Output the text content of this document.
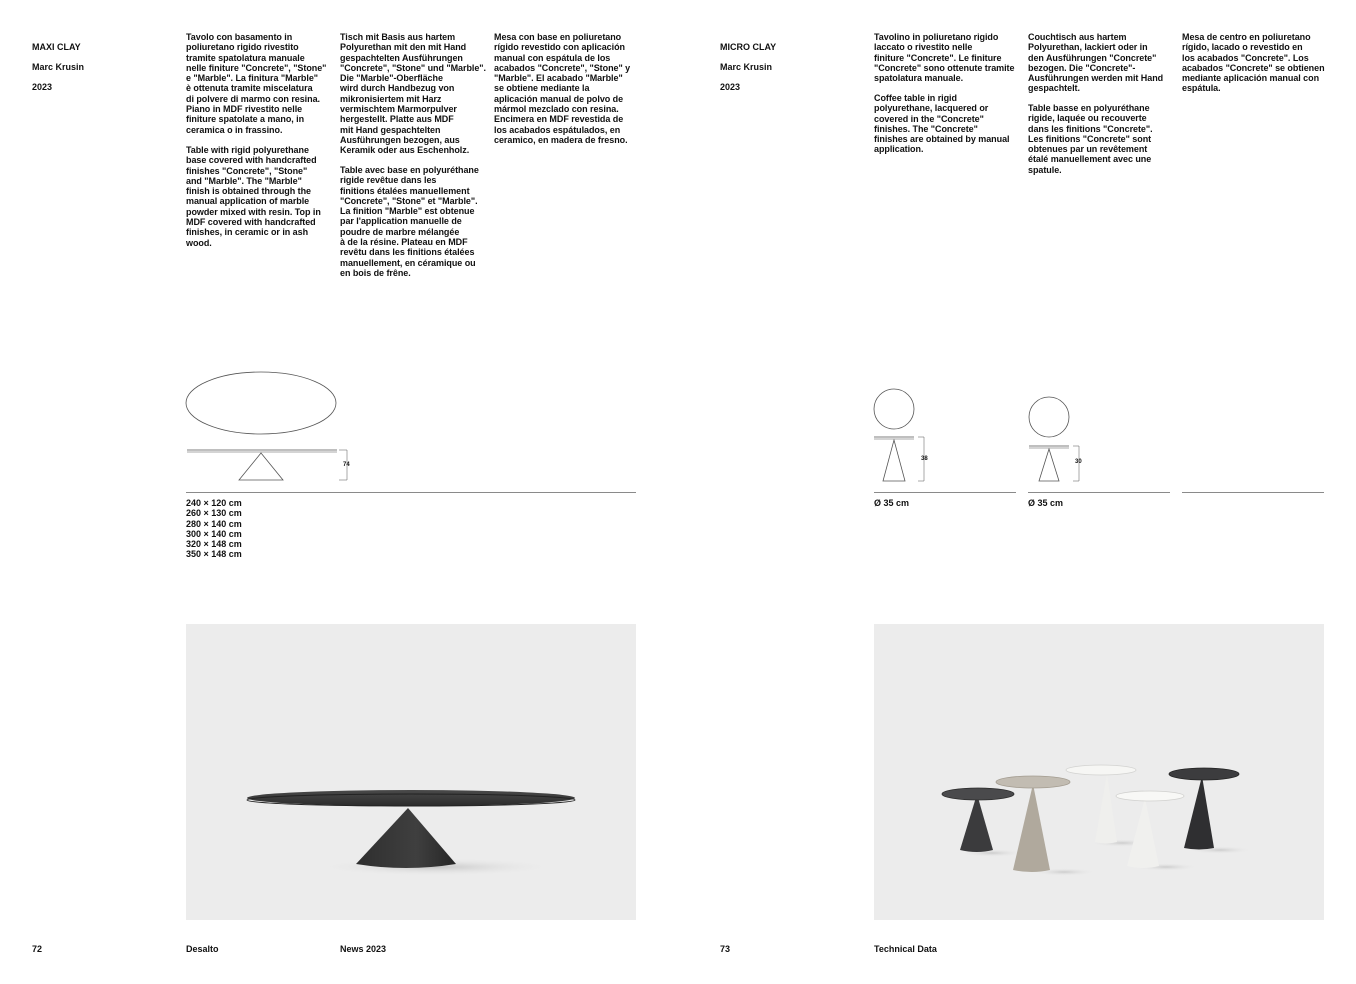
MAXI CLAY

Marc Krusin

2023

Tavolo con basamento in
poliuretano rigido rivestito
tramite spatolatura manuale
nelle finiture "Concrete", "Stone"
e "Marble". La finitura "Marble"
è ottenuta tramite miscelatura
di polvere di marmo con resina.
Piano in MDF rivestito nelle
finiture spatolate a mano, in
ceramica o in frassino.
Table with rigid polyurethane
base covered with handcrafted
finishes "Concrete", "Stone"
and "Marble". The "Marble"
finish is obtained through the
manual application of marble
powder mixed with resin. Top in
MDF covered with handcrafted
finishes, in ceramic or in ash
wood.
Tisch mit Basis aus hartem
Polyurethan mit den mit Hand
gespachtelten Ausführungen
"Concrete", "Stone" und "Marble".
Die "Marble"-Oberfläche
wird durch Handbezug von
mikronisiertem mit Harz
vermischtem Marmorpulver
hergestellt. Platte aus MDF
mit Hand gespachtelten
Ausführungen bezogen, aus
Keramik oder aus Eschenholz.
Table avec base en polyuréthane
rigide revêtue dans les
finitions étalées manuellement
"Concrete", "Stone" et "Marble".
La finition "Marble" est obtenue
par l'application manuelle de
poudre de marbre mélangée
à de la résine. Plateau en MDF
revêtu dans les finitions étalées
manuellement, en céramique ou
en bois de frêne.
Mesa con base en poliuretano
rígido revestido con aplicación
manual con espátula de los
acabados "Concrete", "Stone" y
"Marble". El acabado "Marble"
se obtiene mediante la
aplicación manual de polvo de
mármol mezclado con resina.
Encimera en MDF revestida de
los acabados espátulados, en
ceramico, en madera de fresno.
74
240 × 120 cm
260 × 130 cm
280 × 140 cm
300 × 140 cm
320 × 148 cm
350 × 148 cm
72	Desalto	News 2023

MICRO CLAY

Marc Krusin

2023

Tavolino in poliuretano rigido
laccato o rivestito nelle
finiture "Concrete". Le finiture
"Concrete" sono ottenute tramite
spatolatura manuale.
Coffee table in rigid
polyurethane, lacquered or
covered in the "Concrete"
finishes. The "Concrete"
finishes are obtained by manual
application.
Couchtisch aus hartem
Polyurethan, lackiert oder in
den Ausführungen "Concrete"
bezogen. Die "Concrete"-
Ausführungen werden mit Hand
gespachtelt.
Table basse en polyuréthane
rigide, laquée ou recouverte
dans les finitions "Concrete".
Les finitions "Concrete" sont
obtenues par un revêtement
étalé manuellement avec une
spatule.
Mesa de centro en poliuretano
rígido, lacado o revestido en
los acabados "Concrete". Los
acabados "Concrete" se obtienen
mediante aplicación manual con
espátula.
38	30
Ø 35 cm	Ø 35 cm
73	Technical Data
